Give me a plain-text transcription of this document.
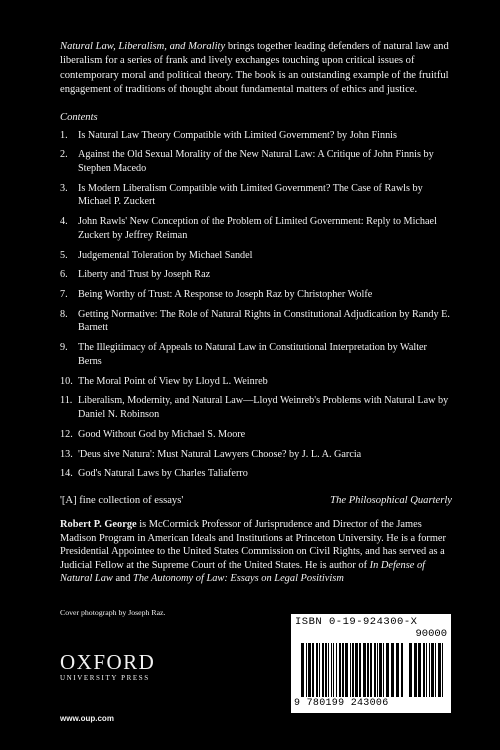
Natural Law, Liberalism, and Morality brings together leading defenders of natural law and liberalism for a series of frank and lively exchanges touching upon critical issues of contemporary moral and political theory. The book is an outstanding example of the fruitful engagement of traditions of thought about fundamental matters of ethics and justice.

Contents
1.	Is Natural Law Theory Compatible with Limited Government? by John Finnis
2.	Against the Old Sexual Morality of the New Natural Law: A Critique of John Finnis by Stephen Macedo
3.	Is Modern Liberalism Compatible with Limited Government? The Case of Rawls by Michael P. Zuckert
4.	John Rawls' New Conception of the Problem of Limited Government: Reply to Michael Zuckert by Jeffrey Reiman
5.	Judgemental Toleration by Michael Sandel
6.	Liberty and Trust by Joseph Raz
7.	Being Worthy of Trust: A Response to Joseph Raz by Christopher Wolfe
8.	Getting Normative: The Role of Natural Rights in Constitutional Adjudication by Randy E. Barnett
9.	The Illegitimacy of Appeals to Natural Law in Constitutional Interpretation by Walter Berns
10. The Moral Point of View by Lloyd L. Weinreb
11. Liberalism, Modernity, and Natural Law—Lloyd Weinreb's Problems with Natural Law by Daniel N. Robinson
12. Good Without God by Michael S. Moore
13. 'Deus sive Natura': Must Natural Lawyers Choose? by J. L. A. Garcia
14. God's Natural Laws by Charles Taliaferro
'[A] fine collection of essays'	The Philosophical Quarterly

Robert P. George is McCormick Professor of Jurisprudence and Director of the James Madison Program in American Ideals and Institutions at Princeton University. He is a former Presidential Appointee to the United States Commission on Civil Rights, and has served as a Judicial Fellow at the Supreme Court of the United States. He is author of In Defense of Natural Law and The Autonomy of Law: Essays on Legal Positivism

Cover photograph by Joseph Raz.
OXFORD
UNIVERSITY PRESS
www.oup.com
ISBN 0-19-924300-X
90000
9 780199 243006
